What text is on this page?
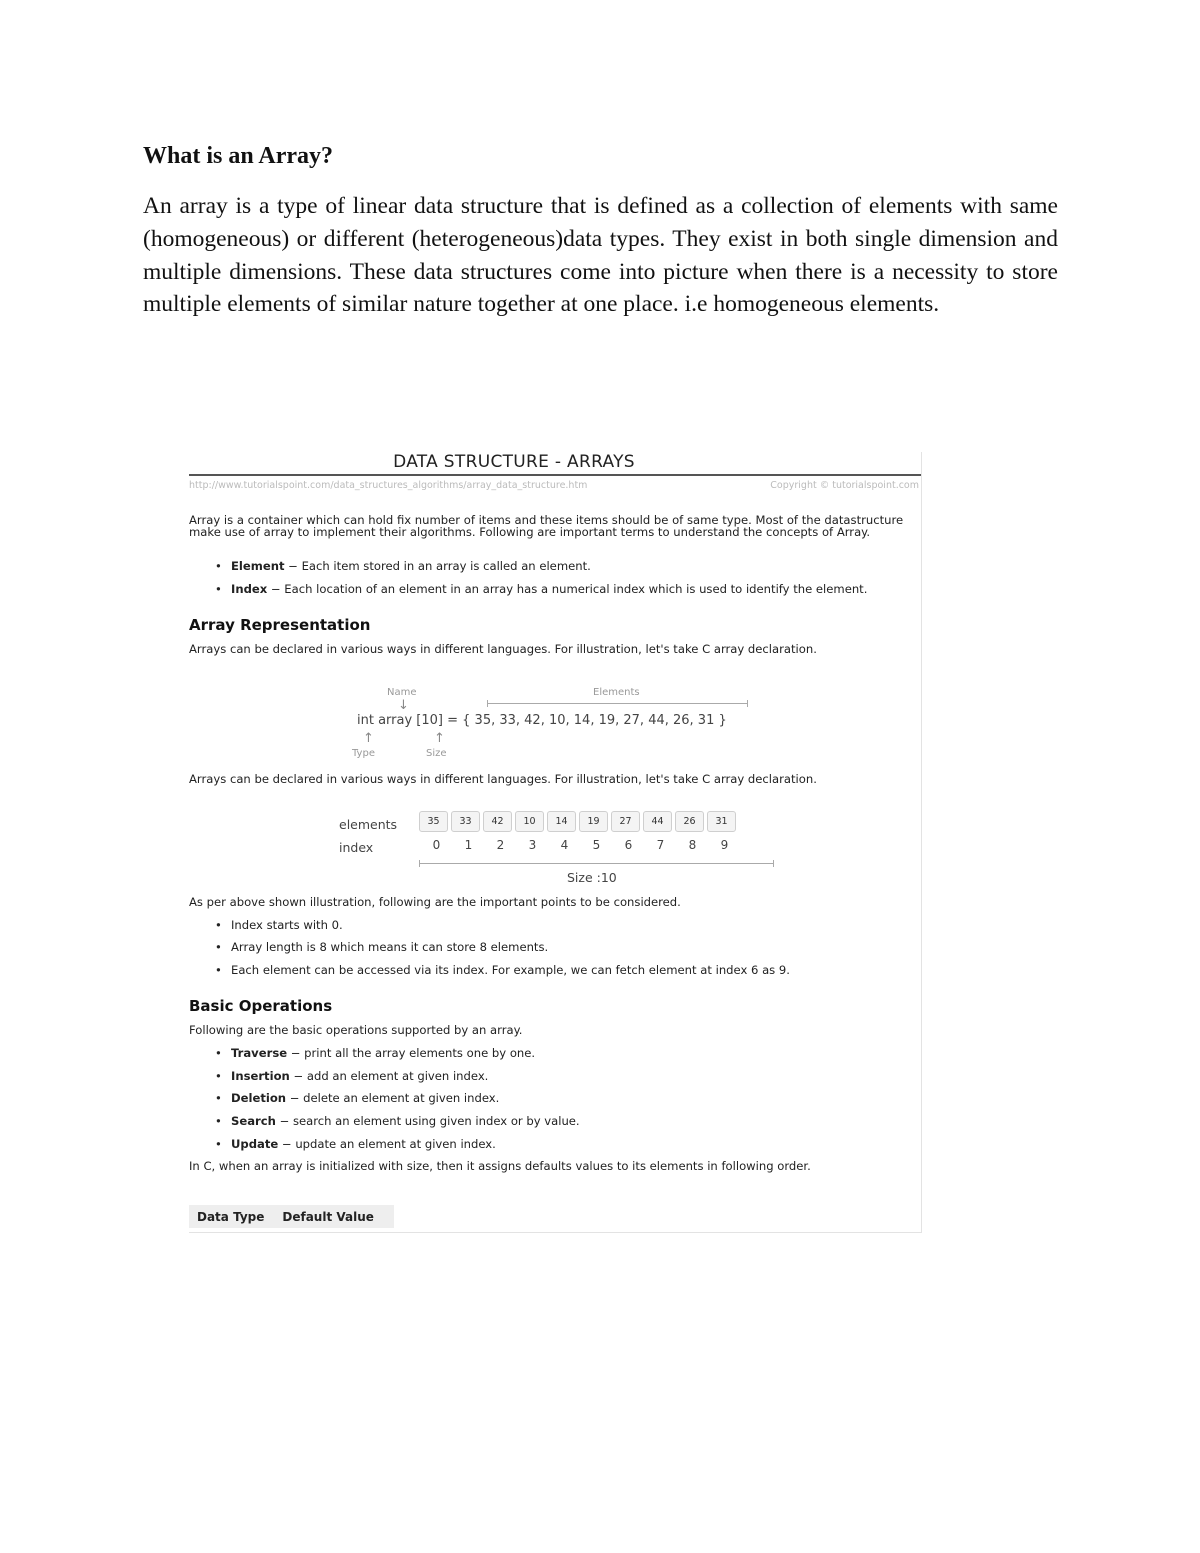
What is an Array?

An array is a type of linear data structure that is defined as a collection of elements with same (homogeneous) or different (heterogeneous)data types. They exist in both single dimension and multiple dimensions. These data structures come into picture when there is a necessity to store multiple elements of similar nature together at one place. i.e homogeneous elements.

DATA STRUCTURE - ARRAYS
http://www.tutorialspoint.com/data_structures_algorithms/array_data_structure.htm	Copyright © tutorialspoint.com

Array is a container which can hold fix number of items and these items should be of same type. Most of the datastructure make use of array to implement their algorithms. Following are important terms to understand the concepts of Array.

• Element − Each item stored in an array is called an element.
• Index − Each location of an element in an array has a numerical index which is used to identify the element.
Array Representation

Arrays can be declared in various ways in different languages. For illustration, let's take C array declaration.

Name
↓
Elements
int array [10] = { 35, 33, 42, 10, 14, 19, 27, 44, 26, 31 }
↑	↑
Type	Size

Arrays can be declared in various ways in different languages. For illustration, let's take C array declaration.

elements	35	33	42	10	14	19	27	44	26	31
index	0	1	2	3	4	5	6	7	8	9
Size :10

As per above shown illustration, following are the important points to be considered.

• Index starts with 0.
• Array length is 8 which means it can store 8 elements.
• Each element can be accessed via its index. For example, we can fetch element at index 6 as 9.
Basic Operations

Following are the basic operations supported by an array.

• Traverse − print all the array elements one by one.
• Insertion − add an element at given index.
• Deletion − delete an element at given index.
• Search − search an element using given index or by value.
• Update − update an element at given index.

In C, when an array is initialized with size, then it assigns defaults values to its elements in following order.

Data Type Default Value
